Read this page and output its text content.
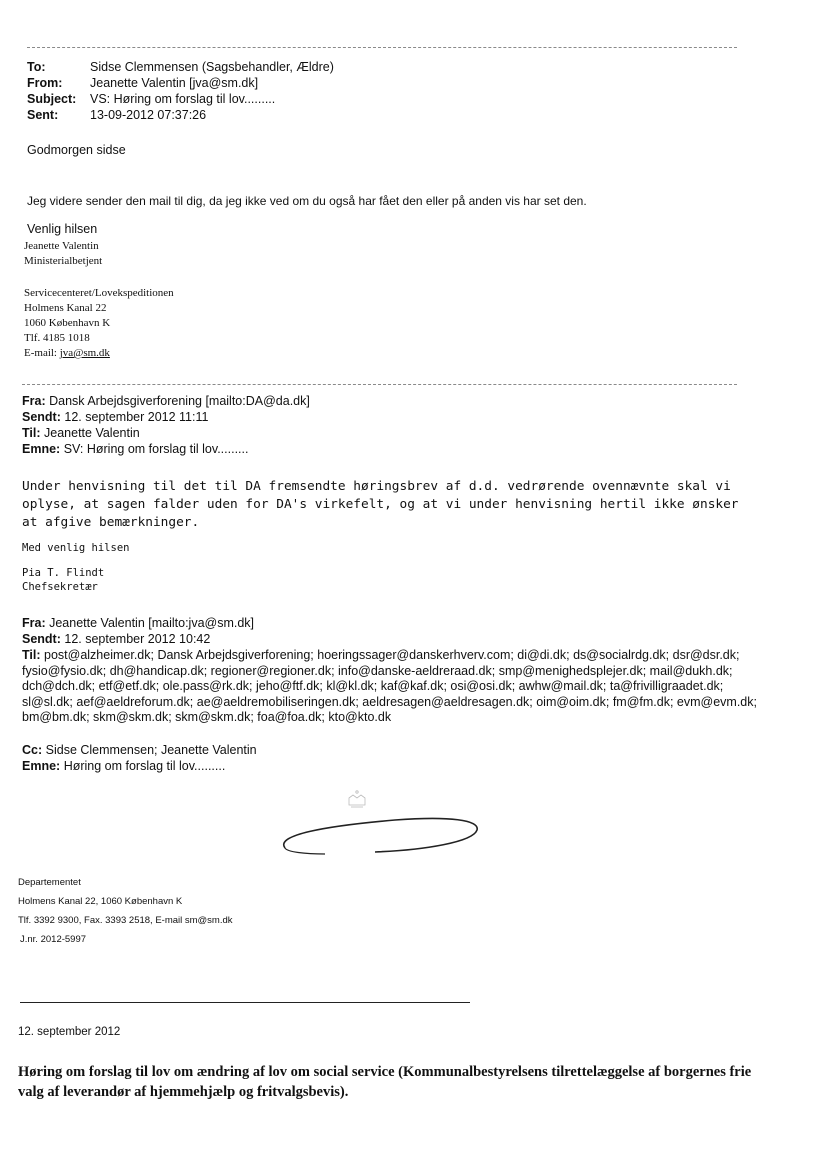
To:	Sidse Clemmensen (Sagsbehandler, Ældre)
From: Jeanette Valentin [jva@sm.dk]
Subject: VS: Høring om forslag til lov.........
Sent:	13-09-2012 07:37:26
Godmorgen sidse
Jeg videre sender den mail til dig, da jeg ikke ved om du også har fået den eller på anden vis har set den.
Venlig hilsen
Jeanette Valentin
Ministerialbetjent
Servicecenteret/Lovekspeditionen
Holmens Kanal 22
1060 København K
Tlf. 4185 1018
E-mail: jva@sm.dk
Fra: Dansk Arbejdsgiverforening [mailto:DA@da.dk]
Sendt: 12. september 2012 11:11
Til: Jeanette Valentin
Emne: SV: Høring om forslag til lov.........
Under henvisning til det til DA fremsendte høringsbrev af d.d. vedrørende ovennævnte skal vi oplyse, at sagen falder uden for DA's virkefelt, og at vi under henvisning hertil ikke ønsker at afgive bemærkninger.
Med venlig hilsen
Pia T. Flindt
Chefsekretær
Fra: Jeanette Valentin [mailto:jva@sm.dk]
Sendt: 12. september 2012 10:42
Til: post@alzheimer.dk; Dansk Arbejdsgiverforening; hoeringssager@danskerhverv.com; di@di.dk; ds@socialrdg.dk; dsr@dsr.dk; fysio@fysio.dk; dh@handicap.dk; regioner@regioner.dk; info@danske-aeldreraad.dk; smp@menighedsplejer.dk; mail@dukh.dk; dch@dch.dk; etf@etf.dk; ole.pass@rk.dk; jeho@ftf.dk; kl@kl.dk; kaf@kaf.dk; osi@osi.dk; awhw@mail.dk; ta@frivilligraadet.dk; sl@sl.dk; aef@aeldreforum.dk; ae@aeldremobiliseringen.dk; aeldresagen@aeldresagen.dk; oim@oim.dk; fm@fm.dk; evm@evm.dk; bm@bm.dk; skm@skm.dk; skm@skm.dk; foa@foa.dk; kto@kto.dk
Cc: Sidse Clemmensen; Jeanette Valentin
Emne: Høring om forslag til lov.........
Departementet
Holmens Kanal 22, 1060 København K
Tlf. 3392 9300, Fax. 3393 2518, E-mail sm@sm.dk
J.nr. 2012-5997
12. september 2012
Høring om forslag til lov om ændring af lov om social service (Kommunalbestyrelsens tilrettelæggelse af borgernes frie valg af leverandør af hjemmehjælp og fritvalgsbevis).
